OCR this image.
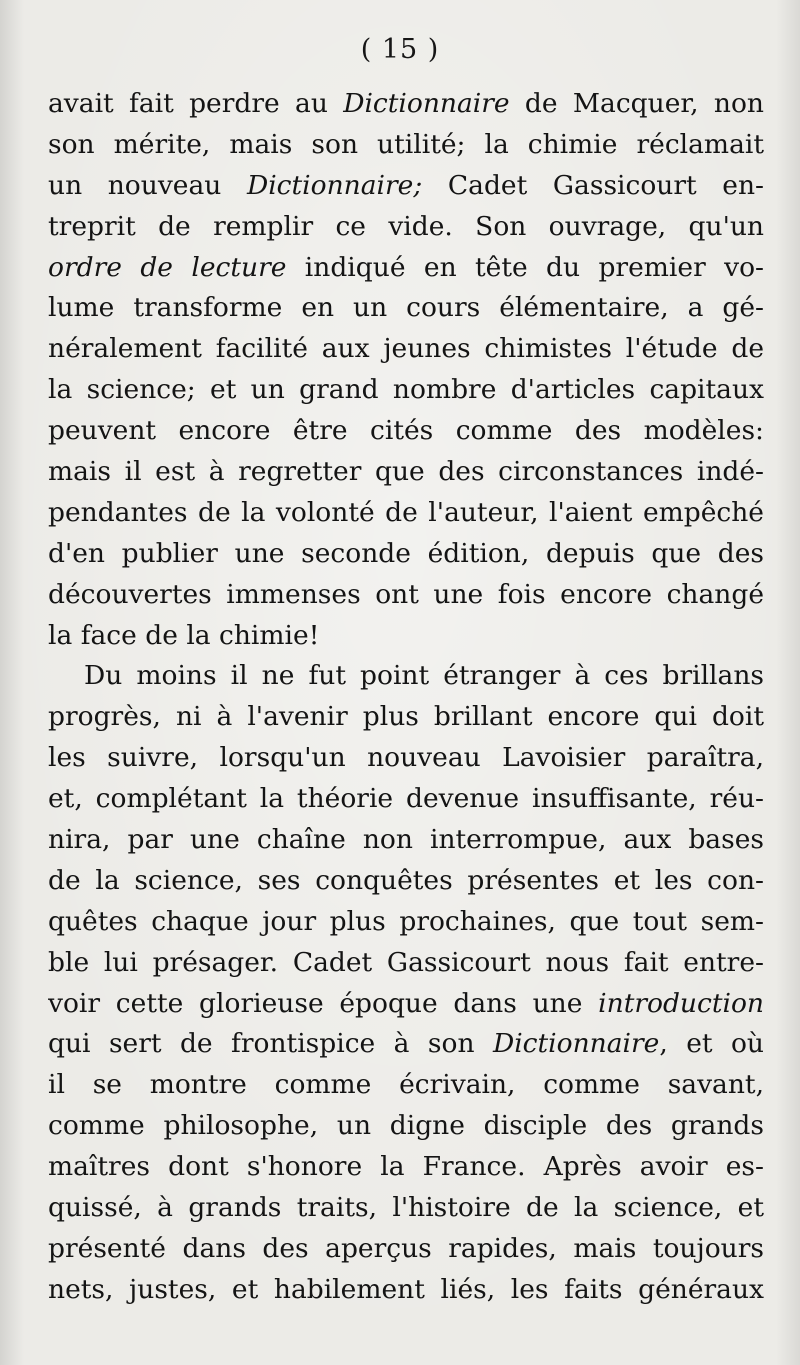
( 15 )
avait fait perdre au Dictionnaire de Macquer, non
son mérite, mais son utilité; la chimie réclamait
un nouveau Dictionnaire; Cadet Gassicourt en-
treprit de remplir ce vide. Son ouvrage, qu'un
ordre de lecture indiqué en tête du premier vo-
lume transforme en un cours élémentaire, a gé-
néralement facilité aux jeunes chimistes l'étude de
la science; et un grand nombre d'articles capitaux
peuvent encore être cités comme des modèles:
mais il est à regretter que des circonstances indé-
pendantes de la volonté de l'auteur, l'aient empêché
d'en publier une seconde édition, depuis que des
découvertes immenses ont une fois encore changé
la face de la chimie!
Du moins il ne fut point étranger à ces brillans
progrès, ni à l'avenir plus brillant encore qui doit
les suivre, lorsqu'un nouveau Lavoisier paraîtra,
et, complétant la théorie devenue insuffisante, réu-
nira, par une chaîne non interrompue, aux bases
de la science, ses conquêtes présentes et les con-
quêtes chaque jour plus prochaines, que tout sem-
ble lui présager. Cadet Gassicourt nous fait entre-
voir cette glorieuse époque dans une introduction
qui sert de frontispice à son Dictionnaire, et où
il se montre comme écrivain, comme savant,
comme philosophe, un digne disciple des grands
maîtres dont s'honore la France. Après avoir es-
quissé, à grands traits, l'histoire de la science, et
présenté dans des aperçus rapides, mais toujours
nets, justes, et habilement liés, les faits généraux
